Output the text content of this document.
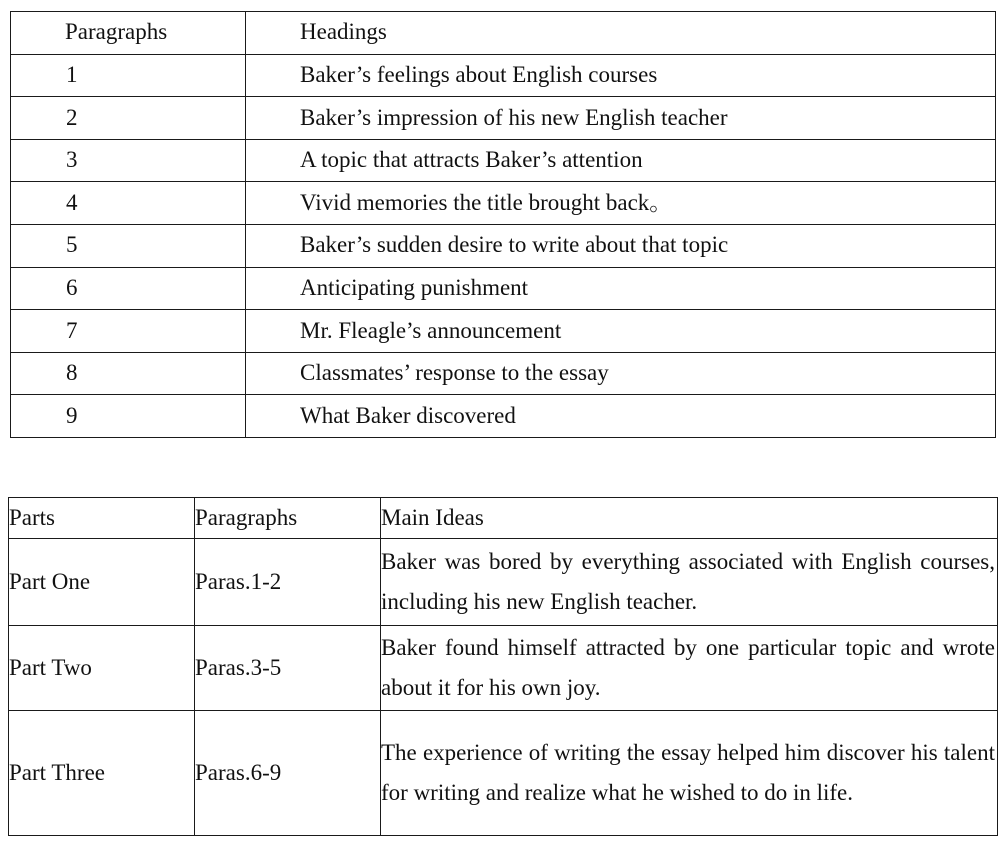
Paragraphs	Headings
1	Baker’s feelings about English courses
2	Baker’s impression of his new English teacher
3	A topic that attracts Baker’s attention
4	Vivid memories the title brought back。
5	Baker’s sudden desire to write about that topic
6	Anticipating punishment
7	Mr. Fleagle’s announcement
8	Classmates’ response to the essay
9	What Baker discovered
Parts	Paragraphs	Main Ideas
Part One	Paras.1-2	Baker was bored by everything associated with English courses, including his new English teacher.

Part Two	Paras.3-5	Baker found himself attracted by one particular topic and wrote about it for his own joy.

Part Three	Paras.6-9	The experience of writing the essay helped him discover his talent for writing and realize what he wished to do in life.
